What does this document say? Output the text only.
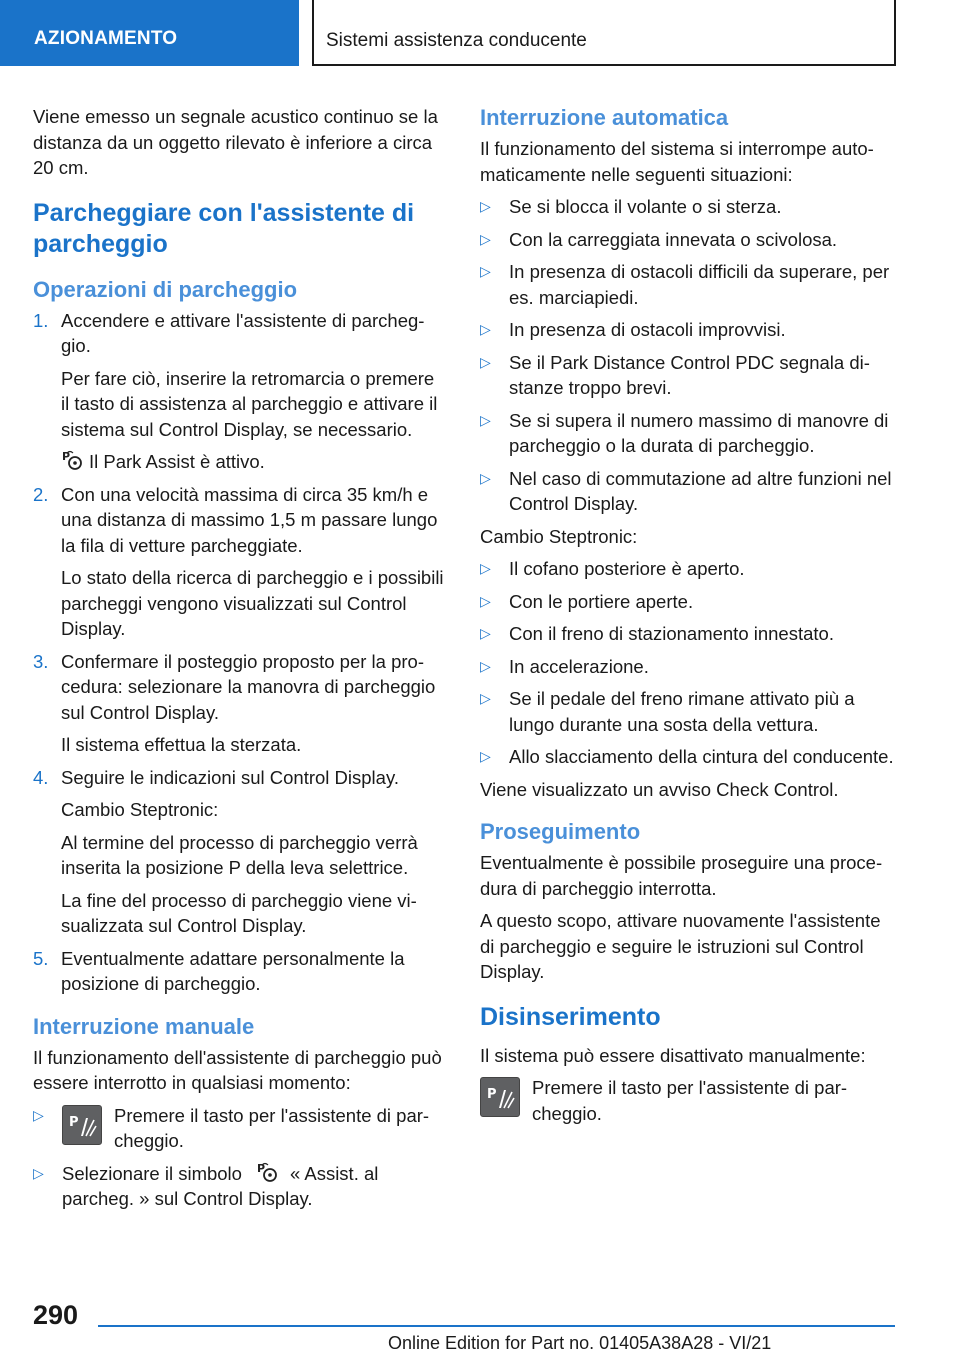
AZIONAMENTO	Sistemi assistenza conducente

Viene emesso un segnale acustico continuo se la distanza da un oggetto rilevato è inferiore a circa 20 cm.

Parcheggiare con l'assistente di parcheggio
Operazioni di parcheggio
1. Accendere e attivare l'assistente di parcheggio.

Per fare ciò, inserire la retromarcia o premere il tasto di assistenza al parcheggio e attivare il sistema sul Control Display, se necessario.

P Il Park Assist è attivo.

2. Con una velocità massima di circa 35 km/h e una distanza di massimo 1,5 m passare lungo la fila di vetture parcheggiate.

Lo stato della ricerca di parcheggio e i possibili parcheggi vengono visualizzati sul Control Display.

3. Confermare il posteggio proposto per la procedura: selezionare la manovra di parcheggio sul Control Display.

Il sistema effettua la sterzata.

4. Seguire le indicazioni sul Control Display.

Cambio Steptronic:

Al termine del processo di parcheggio verrà inserita la posizione P della leva selettrice.

La fine del processo di parcheggio viene visualizzata sul Control Display.

5. Eventualmente adattare personalmente la posizione di parcheggio.

Interruzione manuale

Il funzionamento dell'assistente di parcheggio può essere interrotto in qualsiasi momento:

▷ P Premere il tasto per l'assistente di parcheggio.
▷ Selezionare il simbolo P « Assist. al parcheg. » sul Control Display.
Interruzione automatica

Il funzionamento del sistema si interrompe automaticamente nelle seguenti situazioni:

▷ Se si blocca il volante o si sterza.
▷ Con la carreggiata innevata o scivolosa.
▷ In presenza di ostacoli difficili da superare, per es. marciapiedi.
▷ In presenza di ostacoli improvvisi.
▷ Se il Park Distance Control PDC segnala distanze troppo brevi.
▷ Se si supera il numero massimo di manovre di parcheggio o la durata di parcheggio.
▷ Nel caso di commutazione ad altre funzioni nel Control Display.

Cambio Steptronic:

▷ Il cofano posteriore è aperto.
▷ Con le portiere aperte.
▷ Con il freno di stazionamento innestato.
▷ In accelerazione.
▷ Se il pedale del freno rimane attivato più a lungo durante una sosta della vettura.
▷ Allo slacciamento della cintura del conducente.

Viene visualizzato un avviso Check Control.

Proseguimento

Eventualmente è possibile proseguire una procedura di parcheggio interrotta.

A questo scopo, attivare nuovamente l'assistente di parcheggio e seguire le istruzioni sul Control Display.

Disinserimento

Il sistema può essere disattivato manualmente:

P Premere il tasto per l'assistente di parcheggio.
290
Online Edition for Part no. 01405A38A28 - VI/21
